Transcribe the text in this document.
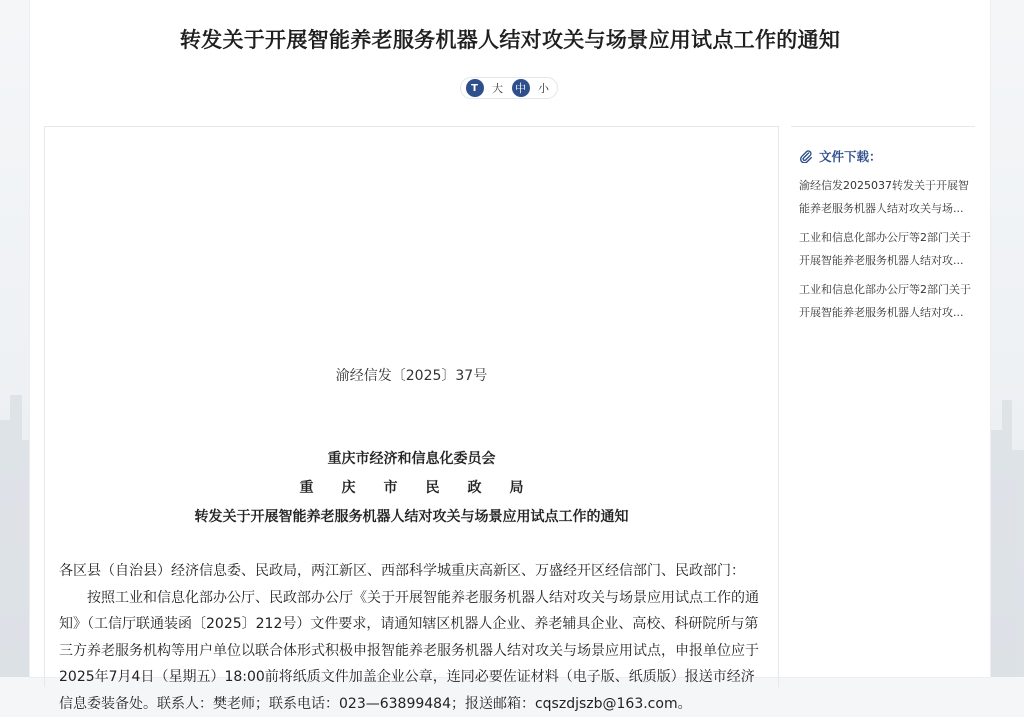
转发关于开展智能养老服务机器人结对攻关与场景应用试点工作的通知
T	大	中	小
渝经信发〔2025〕37号
重庆市经济和信息化委员会
重 庆 市 民 政 局
转发关于开展智能养老服务机器人结对攻关与场景应用试点工作的通知

各区县（自治县）经济信息委、民政局，两江新区、西部科学城重庆高新区、万盛经开区经信部门、民政部门：

按照工业和信息化部办公厅、民政部办公厅《关于开展智能养老服务机器人结对攻关与场景应用试点工作的通知》（工信厅联通装函〔2025〕212号）文件要求，请通知辖区机器人企业、养老辅具企业、高校、科研院所与第三方养老服务机构等用户单位以联合体形式积极申报智能养老服务机器人结对攻关与场景应用试点，申报单位应于2025年7月4日（星期五）18:00前将纸质文件加盖企业公章，连同必要佐证材料（电子版、纸质版）报送市经济信息委装备处。联系人：樊老师；联系电话：023—63899484；报送邮箱：cqszdjszb@163.com。

文件下载：
渝经信发2025037转发关于开展智
能养老服务机器人结对攻关与场...
工业和信息化部办公厅等2部门关于
开展智能养老服务机器人结对攻...
工业和信息化部办公厅等2部门关于
开展智能养老服务机器人结对攻...
